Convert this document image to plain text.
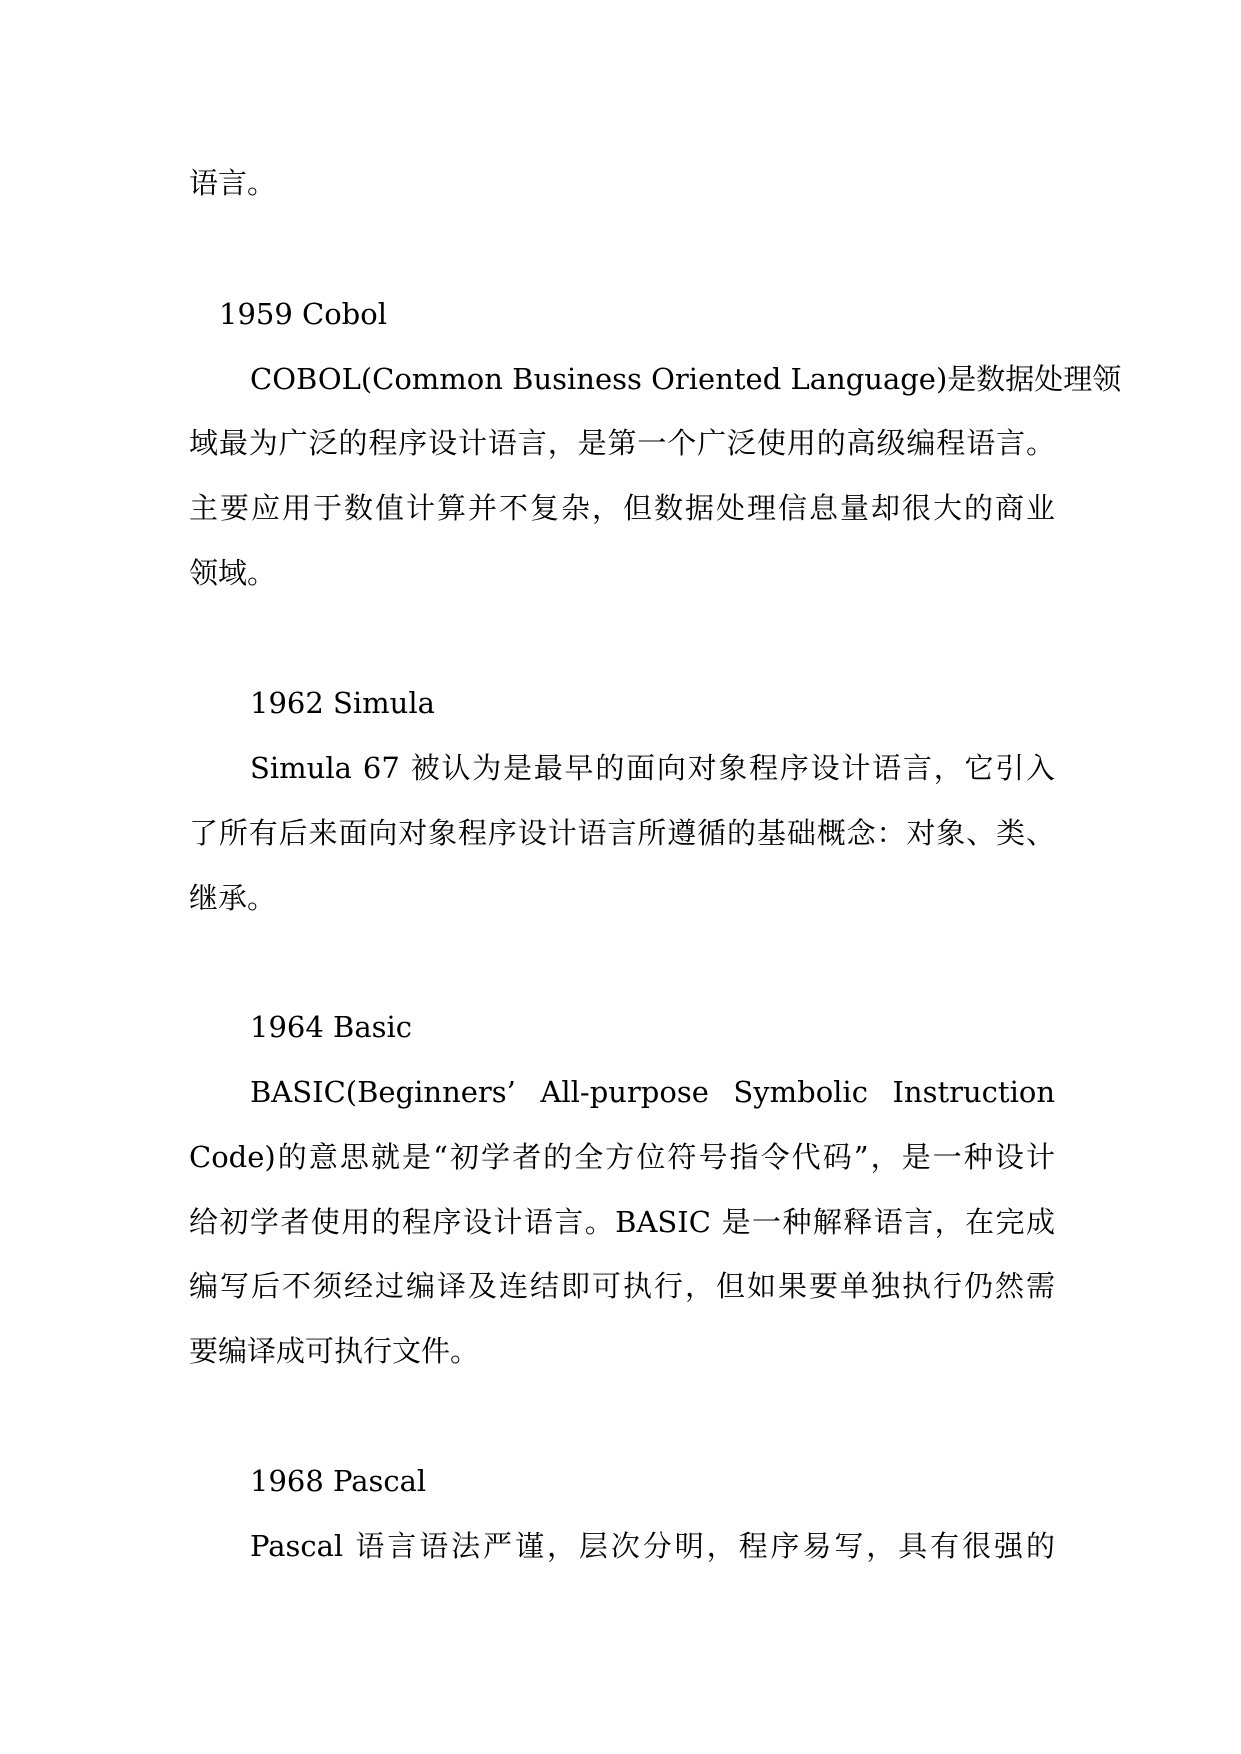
语言。
1959 Cobol
COBOL(Common Business Oriented Language)是数据处理领
域最为广泛的程序设计语言，是第一个广泛使用的高级编程语言。
主要应用于数值计算并不复杂，但数据处理信息量却很大的商业
领域。
1962 Simula
Simula 67 被认为是最早的面向对象程序设计语言，它引入
了所有后来面向对象程序设计语言所遵循的基础概念：对象、类、
继承。
1964 Basic
BASIC(Beginners’ All-purpose Symbolic Instruction
Code)的意思就是“初学者的全方位符号指令代码”，是一种设计
给初学者使用的程序设计语言。BASIC 是一种解释语言，在完成
编写后不须经过编译及连结即可执行，但如果要单独执行仍然需
要编译成可执行文件。
1968 Pascal
Pascal 语言语法严谨，层次分明，程序易写，具有很强的
